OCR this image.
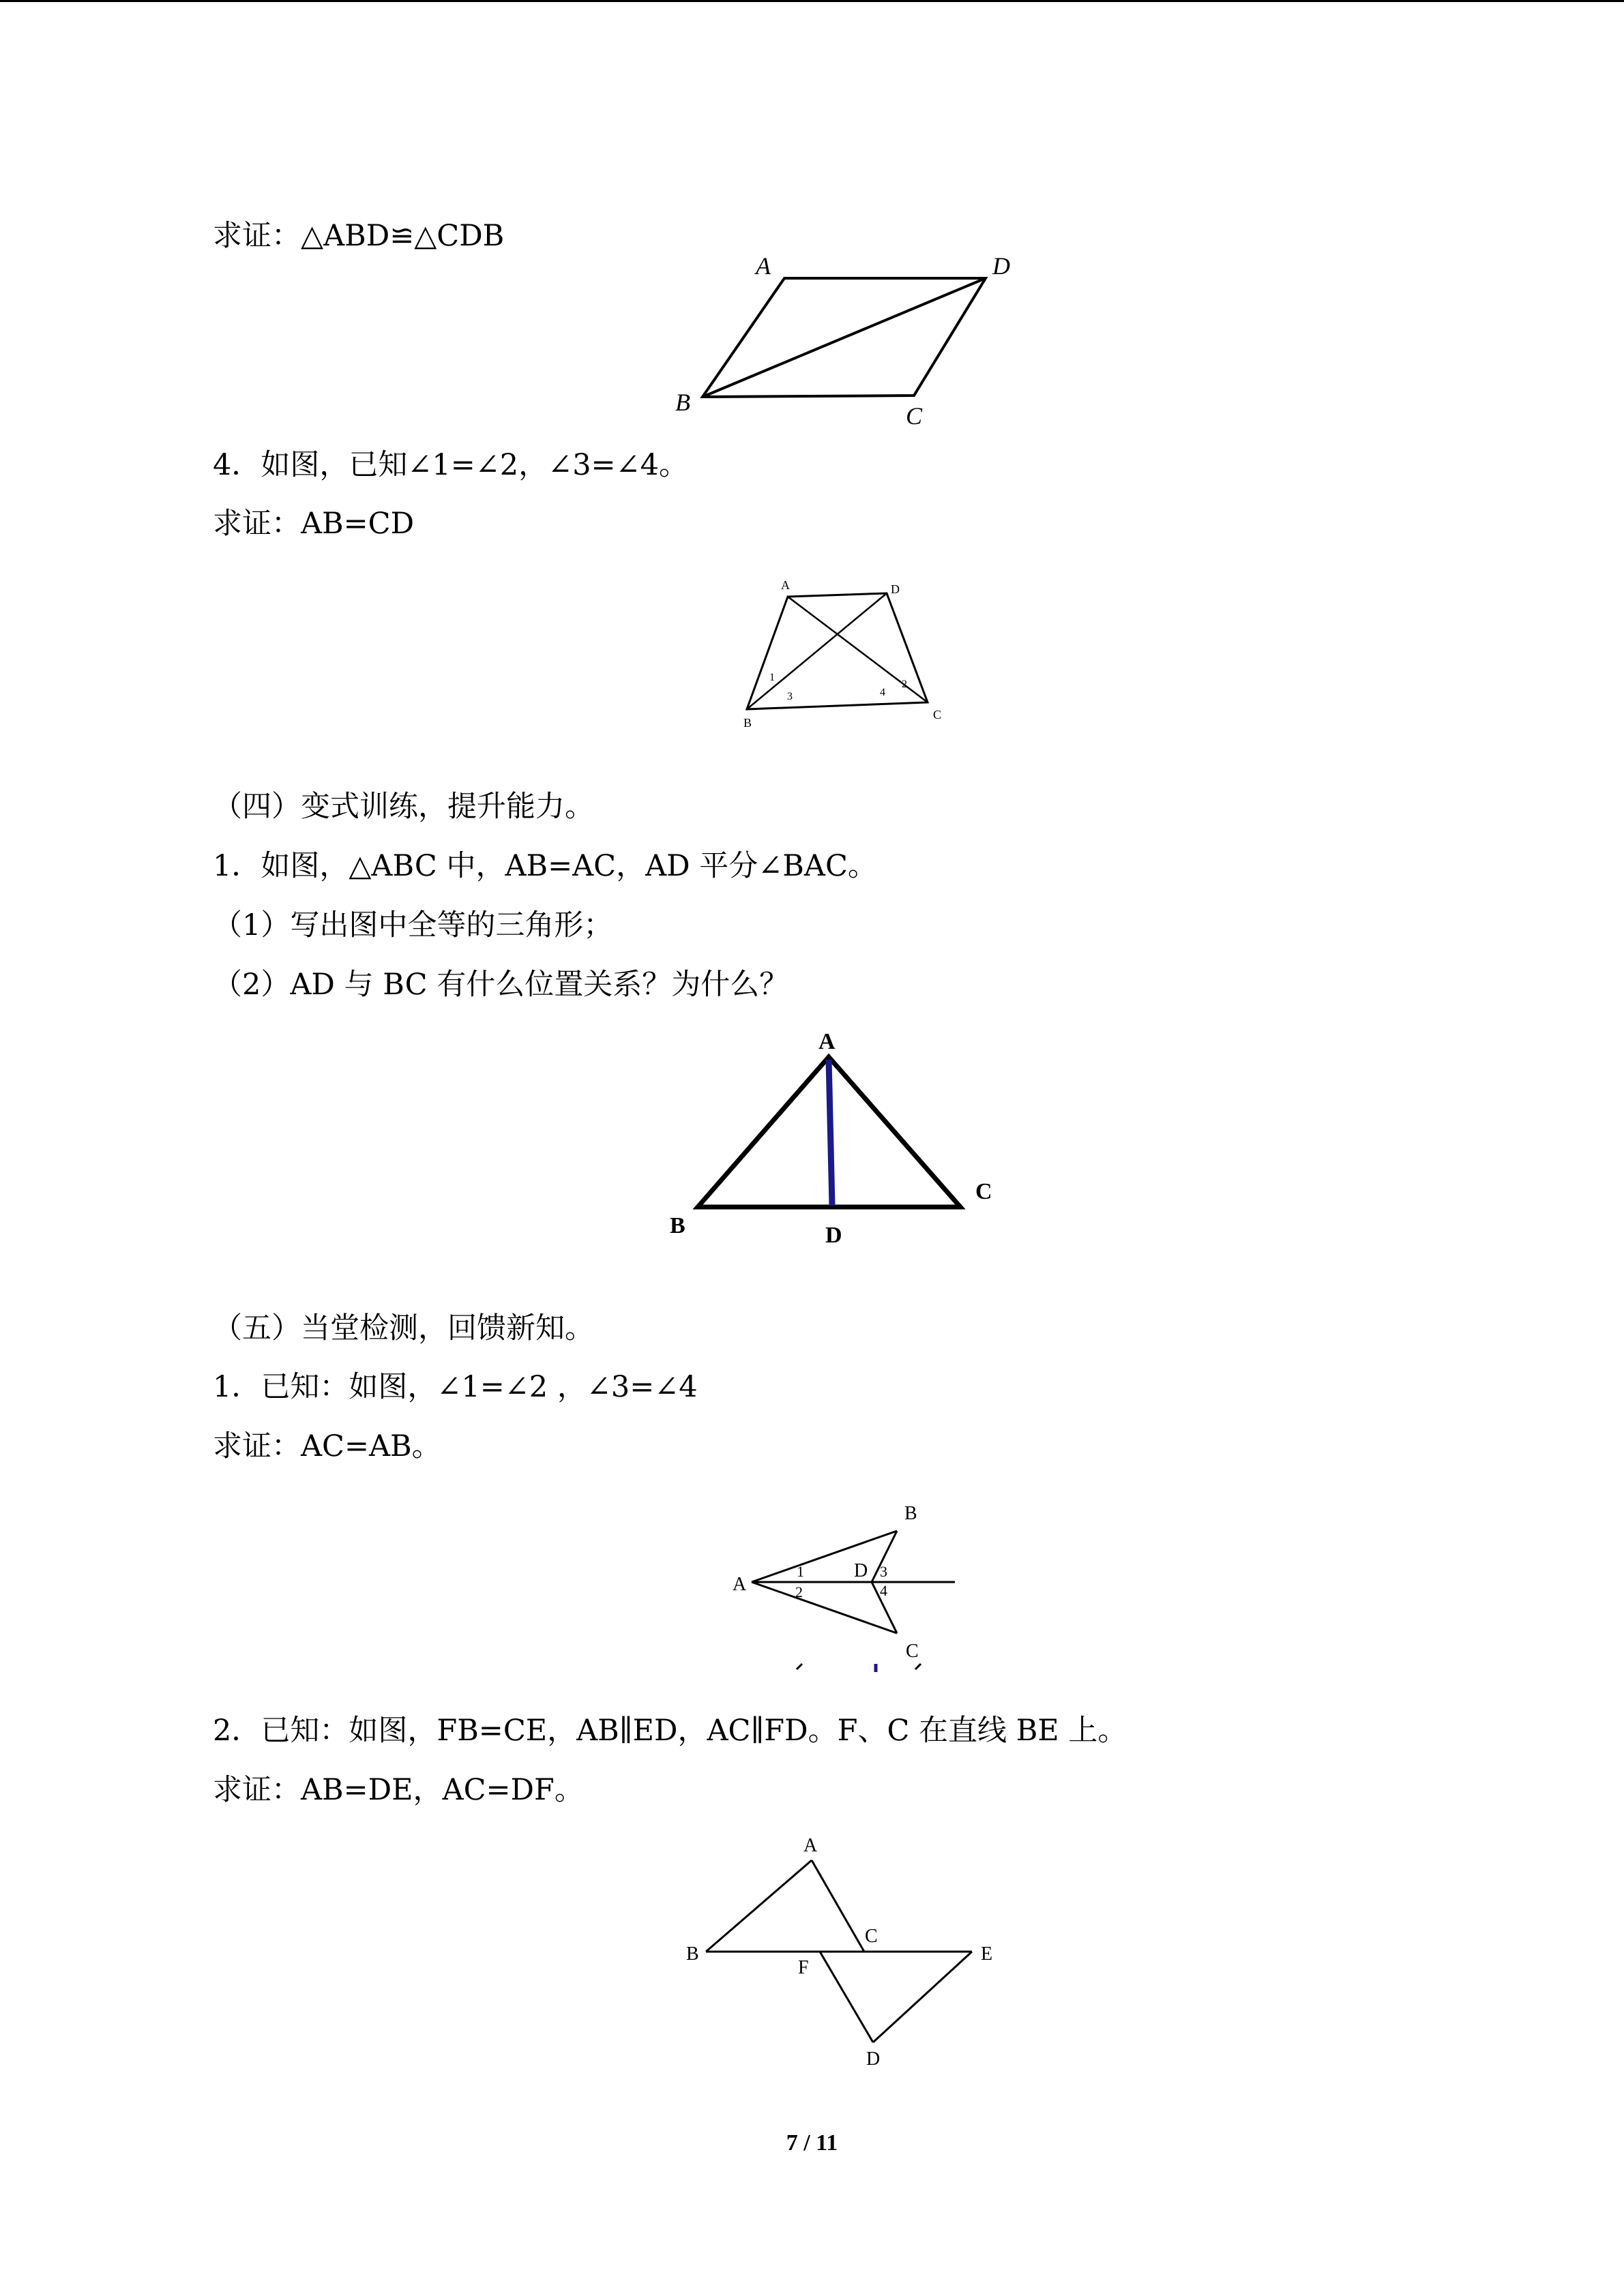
求证：△ABD≌△CDB
A	D
B	C
4．如图，已知∠1=∠2，∠3=∠4。
求证：AB=CD
A	D
B
C
1
3
2
4
（四）变式训练，提升能力。
1．如图，△ABC 中，AB=AC，AD 平分∠BAC。
（1）写出图中全等的三角形；
（2）AD 与 BC 有什么位置关系？为什么？
A
B
C
D
（五）当堂检测，回馈新知。
1．已知：如图，∠1=∠2 ，∠3=∠4
求证：AC=AB。
A
B
C
D
1
2
3
4
2．已知：如图，FB=CE，AB∥ED，AC∥FD。F、C 在直线 BE 上。
求证：AB=DE，AC=DF。
A
B
C
E
F
D
7 / 11
